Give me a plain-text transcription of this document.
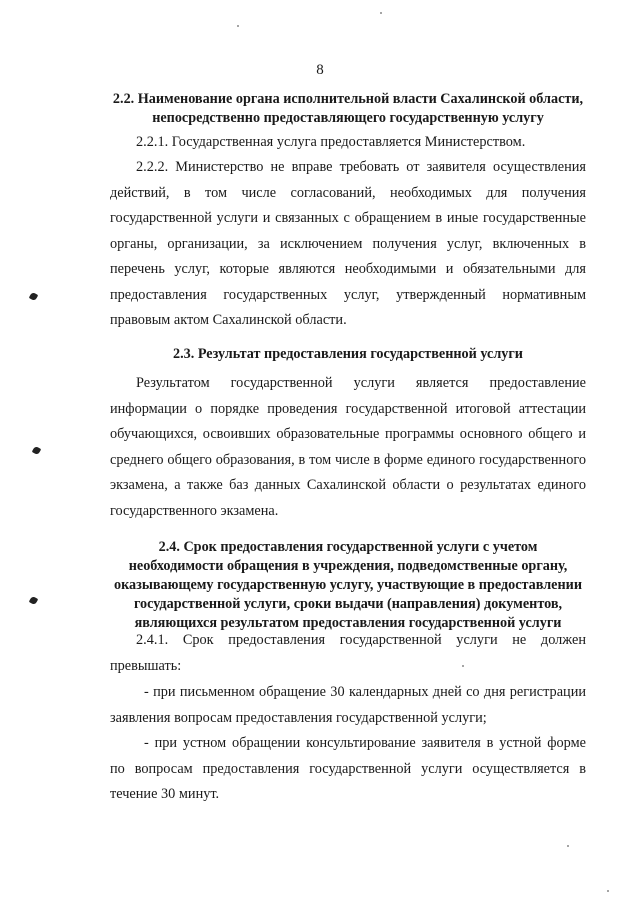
8
2.2. Наименование органа исполнительной власти Сахалинской области, непосредственно предоставляющего государственную услугу
2.2.1. Государственная услуга предоставляется Министерством.
2.2.2. Министерство не вправе требовать от заявителя осуществления действий, в том числе согласований, необходимых для получения государственной услуги и связанных с обращением в иные государственные органы, организации, за исключением получения услуг, включенных в перечень услуг, которые являются необходимыми и обязательными для предоставления государственных услуг, утвержденный нормативным правовым актом Сахалинской области.
2.3. Результат предоставления государственной услуги
Результатом государственной услуги является предоставление информации о порядке проведения государственной итоговой аттестации обучающихся, освоивших образовательные программы основного общего и среднего общего образования, в том числе в форме единого государственного экзамена, а также баз данных Сахалинской области о результатах единого государственного экзамена.
2.4. Срок предоставления государственной услуги с учетом необходимости обращения в учреждения, подведомственные органу, оказывающему государственную услугу, участвующие в предоставлении государственной услуги, сроки выдачи (направления) документов, являющихся результатом предоставления государственной услуги
2.4.1. Срок предоставления государственной услуги не должен превышать:
- при письменном обращение 30 календарных дней со дня регистрации заявления вопросам предоставления государственной услуги;
- при устном обращении консультирование заявителя в устной форме по вопросам предоставления государственной услуги осуществляется в течение 30 минут.
